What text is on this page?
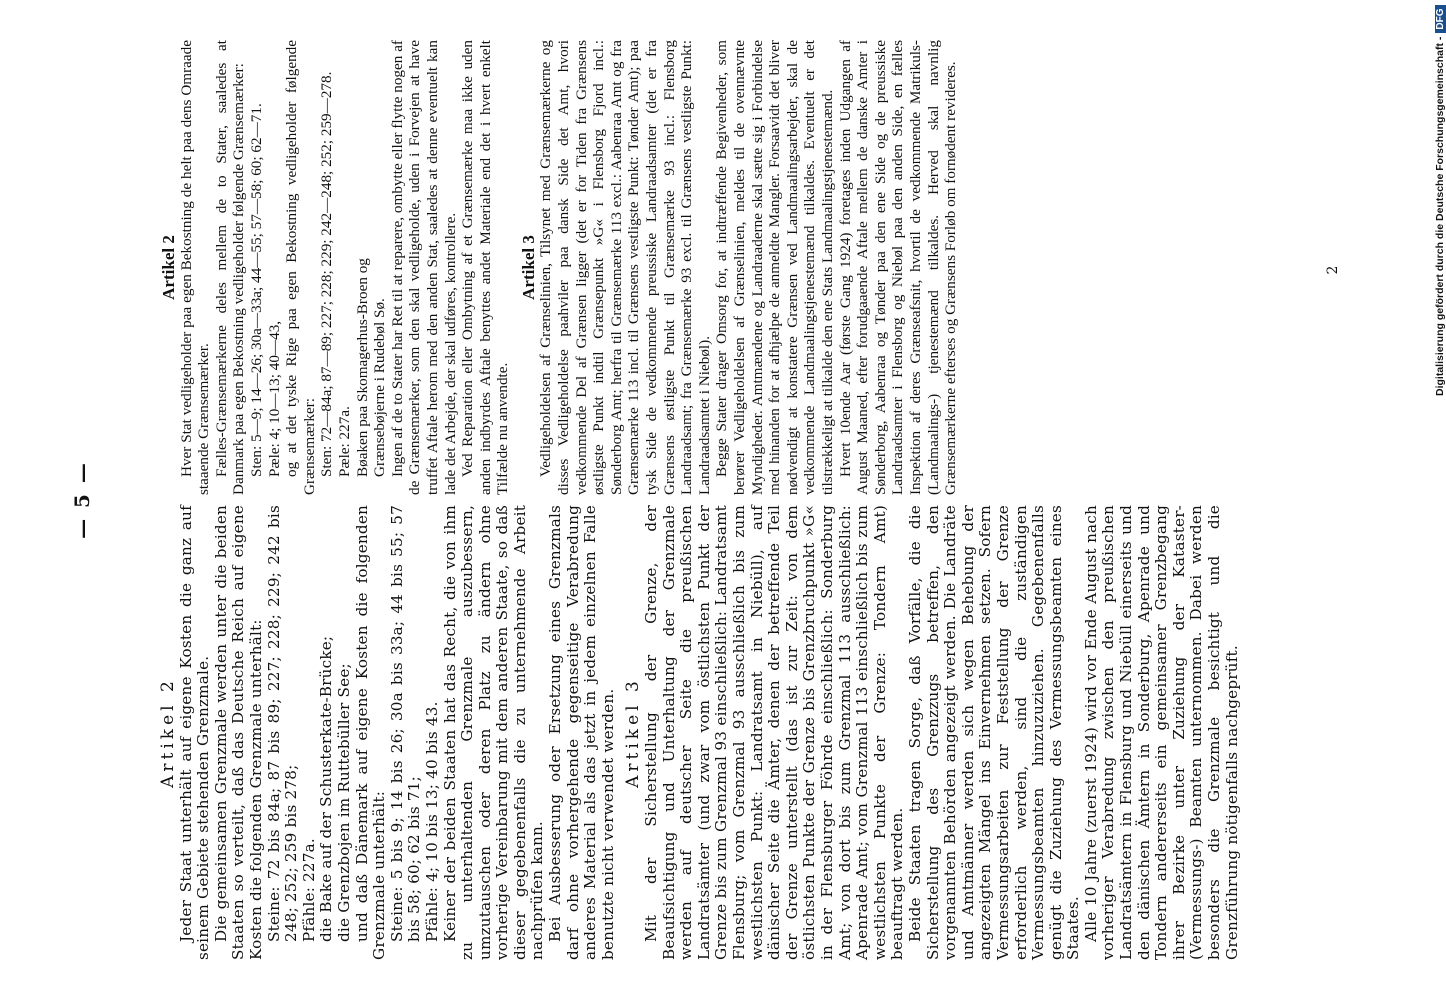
— 5 —

Artikel 2

Jeder Staat unterhält auf eigene Kosten die ganz auf seinem Gebiete stehenden Grenzmale. Die gemeinsamen Grenzmale werden unter die beiden Staaten so verteilt, daß das Deutsche Reich auf eigene Kosten die folgenden Grenzmale unterhält: Steine: 72 bis 84a; 87 bis 89; 227; 228; 229; 242 bis 248; 252; 259 bis 278; Pfähle: 227a. die Bake auf der Schusterkate-Brücke; die Grenzbojen im Ruttebüller See; und daß Dänemark auf eigene Kosten die folgenden Grenzmale unterhält: Steine: 5 bis 9; 14 bis 26; 30a bis 33a; 44 bis 55; 57 bis 58; 60; 62 bis 71; Pfähle: 4; 10 bis 13; 40 bis 43. Keiner der beiden Staaten hat das Recht, die von ihm zu unterhaltenden Grenzmale auszubessern, umzutauschen oder deren Platz zu ändern ohne vorherige Vereinbarung mit dem anderen Staate, so daß dieser gegebenenfalls die zu unternehmende Arbeit nachprüfen kann. Bei Ausbesserung oder Ersetzung eines Grenzmals darf ohne vorhergehende gegenseitige Verabredung anderes Material als das jetzt in jedem einzelnen Falle benutzte nicht verwendet werden. Artikel 3

Mit der Sicherstellung der Grenze, der Beaufsichtigung und Unterhaltung der Grenzmale werden auf deutscher Seite die preußischen Landratsämter (und zwar vom östlichsten Punkt der Grenze bis zum Grenzmal 93 einschließlich: Landratsamt Flensburg; vom Grenzmal 93 ausschließlich bis zum westlichsten Punkt: Landratsamt in Niebüll), auf dänischer Seite die Ämter, denen der betreffende Teil der Grenze unterstellt (das ist zur Zeit: von dem östlichsten Punkte der Grenze bis Grenzbruchpunkt »G« in der Flensburger Föhrde einschließlich: Sonderburg Amt; von dort bis zum Grenzmal 113 ausschließlich: Apenrade Amt; vom Grenzmal 113 einschließlich bis zum westlichsten Punkte der Grenze: Tondern Amt) beauftragt werden. Beide Staaten tragen Sorge, daß Vorfälle, die die Sicherstellung des Grenzzugs betreffen, den vorgenannten Behörden angezeigt werden. Die Landräte und Amtmänner werden sich wegen Behebung der angezeigten Mängel ins Einvernehmen setzen. Sofern Vermessungsarbeiten zur Feststellung der Grenze erforderlich werden, sind die zuständigen Vermessungsbeamten hinzuzuziehen. Gegebenenfalls genügt die Zuziehung des Vermessungsbeamten eines Staates. Alle 10 Jahre (zuerst 1924) wird vor Ende August nach vorheriger Verabredung zwischen den preußischen Landratsämtern in Flensburg und Niebüll einerseits und den dänischen Ämtern in Sonderburg, Apenrade und Tondern andererseits ein gemeinsamer Grenzbegang ihrer Bezirke unter Zuziehung der Kataster- (Vermessungs-) Beamten unternommen. Dabei werden besonders die Grenzmale besichtigt und die Grenzführung nötigenfalls nachgeprüft.

Artikel 2 Hver Stat vedligeholder paa egen Bekostning de helt paa dens Omraade staaende Grænsemærker. Fælles-Grænsemærkerne deles mellem de to Stater, saaledes at Danmark paa egen Bekostning vedligeholder følgende Grænsemærker: Sten: 5—9; 14—26; 30a—33a; 44—55; 57—58; 60; 62—71. Pæle: 4; 10—13; 40—43, og at det tyske Rige paa egen Bekostning vedligeholder følgende Grænsemærker: Sten: 72—84a; 87—89; 227; 228; 229; 242—248; 252; 259—278. Pæle: 227a. Bøaken paa Skomagerhus-Broen og Grænsebøjerne i Rudebøl Sø. Ingen af de to Stater har Ret til at reparere, ombytte eller flytte nogen af de Grænsemærker, som den skal vedligeholde, uden i Forvejen at have truffet Aftale herom med den anden Stat, saaledes at denne eventuelt kan lade det Arbejde, der skal udføres, kontrollere. Ved Reparation eller Ombytning af et Grænsemærke maa ikke uden anden indbyrdes Aftale benyttes andet Materiale end det i hvert enkelt Tilfælde nu anvendte.

Artikel 3 Vedligeholdelsen af Grænselinien, Tilsynet med Grænsemærkerne og disses Vedligeholdelse paahviler paa dansk Side det Amt, hvori vedkommende Del af Grænsen ligger (det er for Tiden fra Grænsens østligste Punkt indtil Grænsepunkt »G« i Flensborg Fjord incl.: Sønderborg Amt; herfra til Grænsemærke 113 excl.: Aabenraa Amt og fra Grænsemærke 113 incl. til Grænsens vestligste Punkt: Tønder Amt); paa tysk Side de vedkommende preussiske Landraadsamter (det er fra Grænsens østligste Punkt til Grænsemærke 93 incl.: Flensborg Landraadsamt; fra Grænsemærke 93 excl. til Grænsens vestligste Punkt: Landraadsamtet i Niebøl). Begge Stater drager Omsorg for, at indtræffende Begivenheder, som berører Vedligeholdelsen af Grænselinien, meldes til de ovennævnte Myndigheder. Amtmændene og Landraaderne skal sætte sig i Forbindelse med hinanden for at afhjælpe de anmeldte Mangler. Forsaavidt det bliver nødvendigt at konstatere Grænsen ved Landmaalingsarbejder, skal de vedkommende Landmaalingstjenestemænd tilkaldes. Eventuelt er det tilstrækkeligt at tilkalde den ene Stats Landmaalingstjenestemænd. Hvert 10ende Aar (første Gang 1924) foretages inden Udgangen af August Maaned, efter forudgaaende Aftale mellem de danske Amter i Sønderborg, Aabenraa og Tønder paa den ene Side og de preussiske Landraadsamter i Flensborg og Niebøl paa den anden Side, en fælles Inspektion af deres Grænseafsnit, hvortil de vedkommende Matrikuls- (Landmaalings-) tjenestemænd tilkaldes. Herved skal navnlig Grænsemærkerne efterses og Grænsens Forløb om fornødent revideres.	2	Digitalisierung gefördert durch die Deutsche Forschungsgemeinschaft -DFG
